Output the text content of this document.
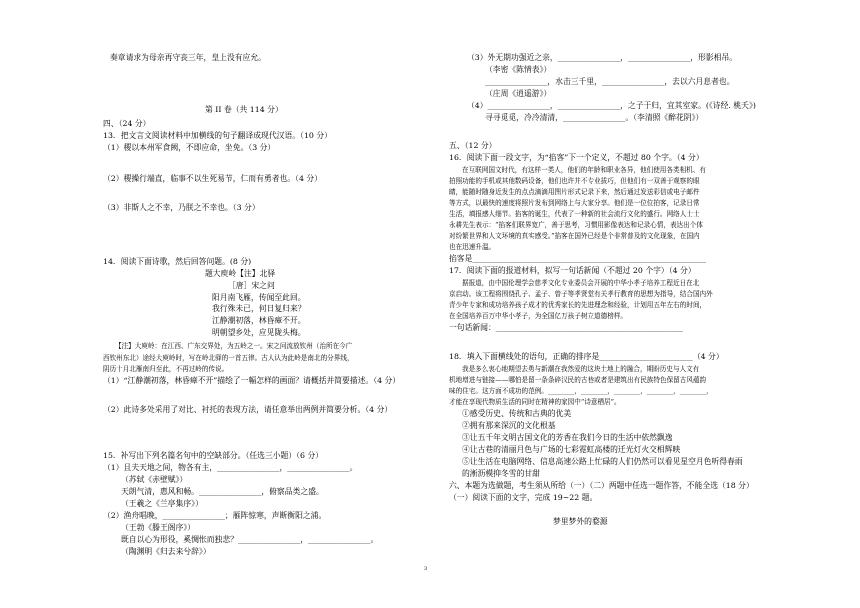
奏章请求为母亲再守丧三年，皇上没有应允。
第 II 卷（共 114 分）
四、（24 分）
13．把文言文阅读材料中加横线的句子翻译成现代汉语。（10 分）
（1）稷以本州军食阙，不即应命，坐免。（3 分）
（2）稷操行端直，临事不以生死易节，仁而有勇者也。（4 分）
（3）非斯人之不幸，乃朕之不幸也。（3 分）
14．阅读下面诗歌，然后回答问题。(8 分)
题大庾岭【注】北驿
［唐］宋之问
阳月南飞雁，传闻至此回。
我行殊未已，何日复归来？
江静潮初落，林昏瘴不开。
明朝望乡处，应见陇头梅。
【注】大庾岭：在江西、广东交界处，为五岭之一。宋之问流放钦州（治所在今广
西钦州东北）途经大庾岭时，写在岭北驿的一首五律。古人认为此岭是南北的分界线，
阴历十月北雁南归至此，不再过岭的传说。
（1）“江静潮初落，林昏瘴不开”描绘了一幅怎样的画面？请概括并简要描述。（4 分）
（2）此诗多处采用了对比、衬托的表现方法，请任意举出两例并简要分析。（4 分）
15．补写出下列名篇名句中的空缺部分。（任选三小题）（6 分）
（1）且夫天地之间，物各有主，________________，________________。
（苏轼《赤壁赋》）
天朗气清，惠风和畅。________________，俯察品类之盛。
（王羲之《兰亭集序》）
（2）渔舟唱晚，________________；雁阵惊寒，声断衡阳之浦。
（王勃《滕王阁序》）
既自以心为形役，奚惆怅而独悲？________________，________________。
（陶渊明《归去来兮辞》）
（3）外无期功强近之亲，________________，________________，形影相吊。
（李密《陈情表》）
________________，水击三千里，________________，去以六月息者也。
（庄周《逍遥游》）
（4）________________，________________，之子于归，宜其室家。(《诗经. 桃夭》)
寻寻觅觅，冷冷清清，________________。（李清照《醉花阴》）
五、（12 分）
16．阅读下面一段文字，为“掐客”下一个定义，不超过 80 个字。（4 分）
在互联网国文时代，有这样一类人，他们的年龄和职业各异，他们使用各类相机、有
拍照功能的手机或其他数码设备，他们也许并不专业拔巧，但他们有一双善于观察的眼
睛，能随时随身近发生的点点滴滴用图片形式记录下来，然后通过发送彩信或电子邮件
等方式，以最快的速度将照片发布到网络上与大家分享。他们是一位位拍客，记录日常
生活，填报感人细节。掐客的诞生，代表了一种新的社会流行文化的盛行。网络人士士
永耕先生表示：“掐客们联界宽广，善于思考，习惯用影像表达和记录心情，表达出个体
对纷繁世界和人文环境的真实感受。”掐客在国外已经是个非常普及的文化现象，在国内
也在迅速升温。
掐客是____________________________________________________________
17．阅读下面的报道材料，拟写一句话新闻（不超过 20 个字）（4 分）
据报道，由中国伦理学会慈孝文化专业委员会开展的中华小孝子培养工程近日在北
京启动。该工程将围绕孔子、孟子、曾子等孝贤堂有关孝行教育的思想为指导，结合国内外
青少年专家和成功培养孩子成才的优秀家长的先进理念和经验，计划用五年左右的时间，
在全国培养百万中华小孝子，为全国亿万孩子树立道德榜样。
一句话新闻：________________________________________________
18．填入下面横线处的语句，正确的排序是________________________（4 分）
我是多么衷心地期望去勇与新潮在我然爱的这块土地上的融合，期盼历史与人文有
机地增进与链接——哪怕是留一条条碎汉民的古巷或者是建筑出有民族特色保留古风蕴韵
味的住宅。这方面不成功的范例。________，________，________，________，________，
才能在享现代物质生活的同时在精神的家园中“诗意栖居”。
①感受历史、传统和古典的优美
②拥有那来深沉的文化根基
③让五千年文明古国文化的芳香在我们今日的生活中依然飘逸
④让古巷的清丽月色与广场的七彩霓虹高楼的迁光灯火交相辉映
⑤让生活在电脑网络、信息高速公路上忙碌的人们仍然可以看见星空月色听得春雨
的淅沥模抑冬雪的甘甜
六、本题为选做题，考生须从所给（一）（二）两题中任选一题作答，不能全选（18 分）
（一）阅读下面的文字，完成 19~22 题。
梦里梦外的婺源
3
